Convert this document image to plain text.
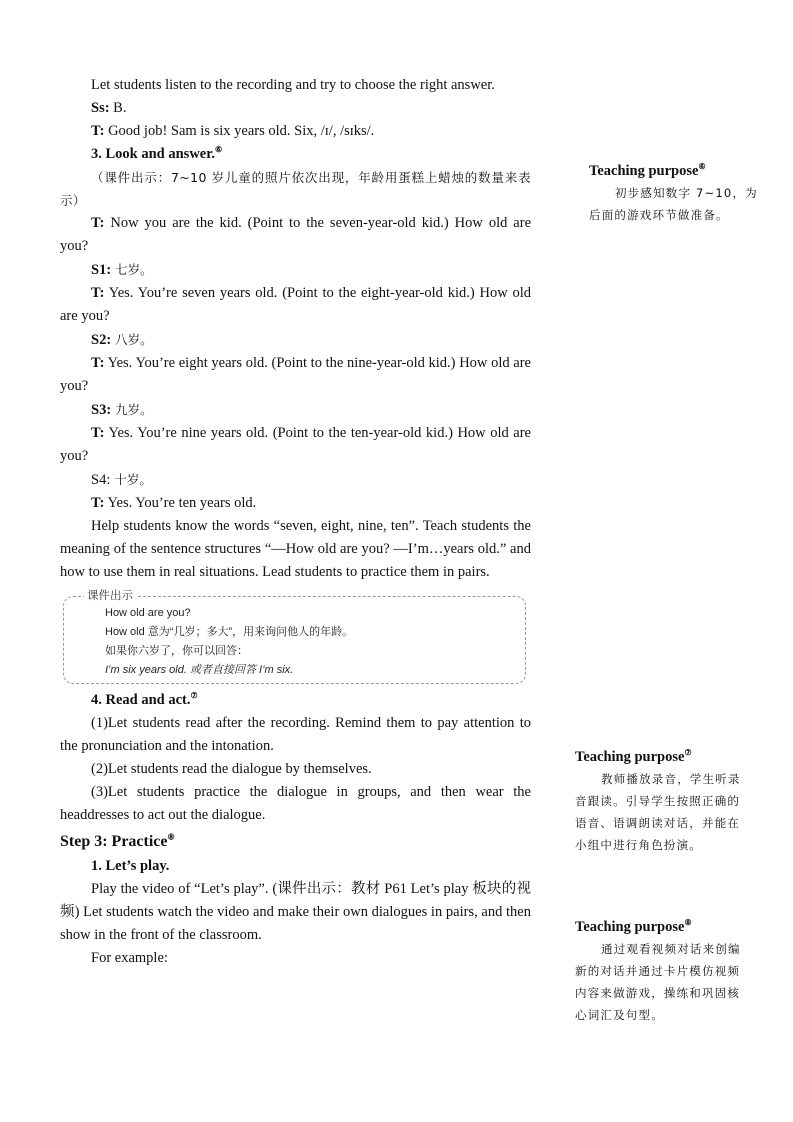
Let students listen to the recording and try to choose the right answer.

Ss: B.

T: Good job! Sam is six years old. Six, /ɪ/, /sɪks/.

3. Look and answer.⑥

（课件出示：7~10 岁儿童的照片依次出现，年龄用蛋糕上蜡烛的数量来表示）

T: Now you are the kid. (Point to the seven-year-old kid.) How old are you?

S1: 七岁。

T: Yes. You’re seven years old. (Point to the eight-year-old kid.) How old are you?

S2: 八岁。

T: Yes. You’re eight years old. (Point to the nine-year-old kid.) How old are you?

S3: 九岁。

T: Yes. You’re nine years old. (Point to the ten-year-old kid.) How old are you?

S4: 十岁。

T: Yes. You’re ten years old.

Help students know the words “seven, eight, nine, ten”. Teach students the meaning of the sentence structures “—How old are you? —I’m…years old.” and how to use them in real situations. Lead students to practice them in pairs.

课件出示
How old are you?
How old 意为“几岁；多大”，用来询问他人的年龄。
如果你六岁了，你可以回答：
I’m six years old. 或者直接回答 I’m six.

4. Read and act.⑦

(1)Let students read after the recording. Remind them to pay attention to the pronunciation and the intonation.

(2)Let students read the dialogue by themselves.

(3)Let students practice the dialogue in groups, and then wear the headdresses to act out the dialogue.

Step 3: Practice⑧

1. Let’s play.

Play the video of “Let’s play”. (课件出示：教材 P61 Let’s play 板块的视频) Let students watch the video and make their own dialogues in pairs, and then show in the front of the classroom.

For example:

Teaching purpose⑥
初步感知数字 7~10，为后面的游戏环节做准备。
Teaching purpose⑦
教师播放录音，学生听录音跟读。引导学生按照正确的语音、语调朗读对话，并能在小组中进行角色扮演。
Teaching purpose⑧
通过观看视频对话来创编新的对话并通过卡片模仿视频内容来做游戏，操练和巩固核心词汇及句型。
